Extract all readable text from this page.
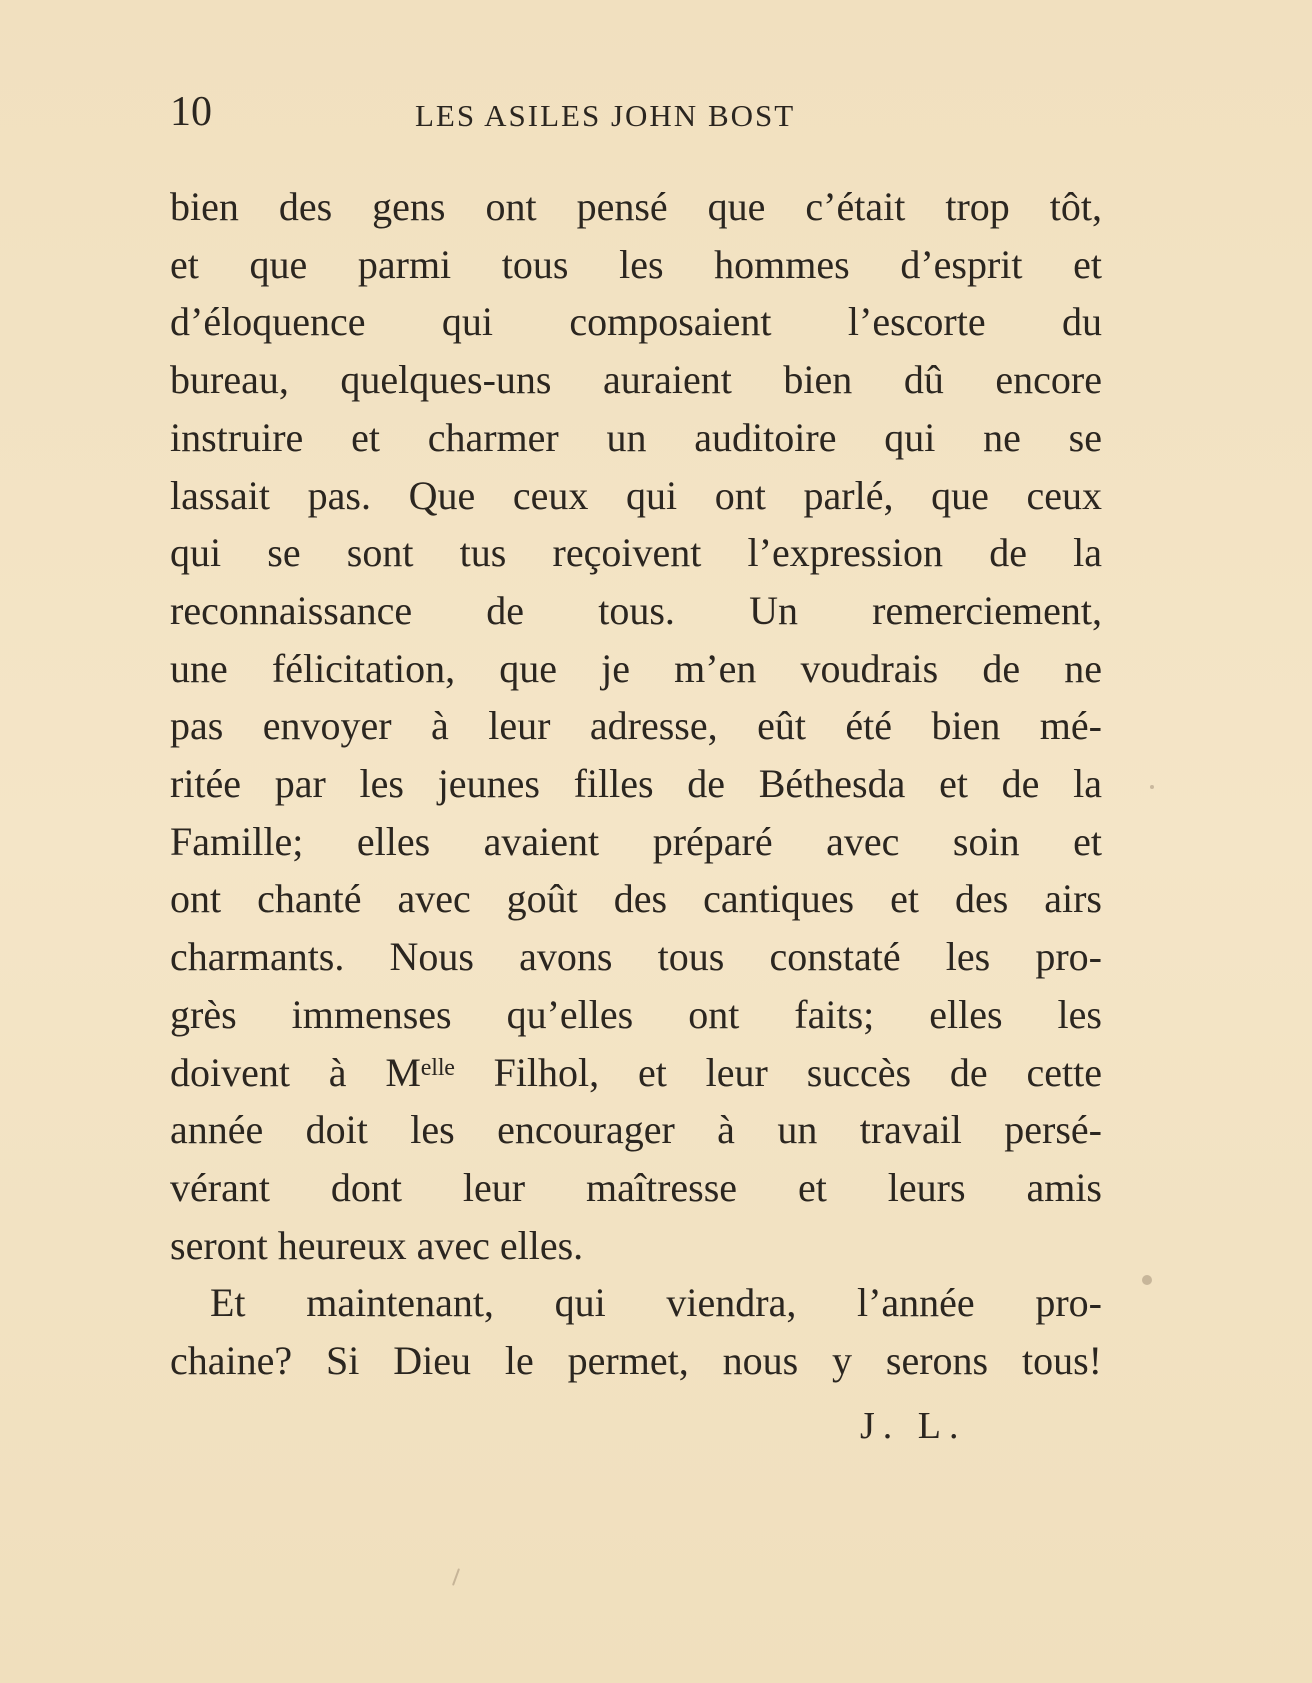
10	LES ASILES JOHN BOST
bien des gens ont pensé que c’était trop tôt,
et que parmi tous les hommes d’esprit et
d’éloquence qui composaient l’escorte du
bureau, quelques-uns auraient bien dû encore
instruire et charmer un auditoire qui ne se
lassait pas. Que ceux qui ont parlé, que ceux
qui se sont tus reçoivent l’expression de la
reconnaissance de tous. Un remerciement,
une félicitation, que je m’en voudrais de ne
pas envoyer à leur adresse, eût été bien mé-
ritée par les jeunes filles de Béthesda et de la
Famille; elles avaient préparé avec soin et
ont chanté avec goût des cantiques et des airs
charmants. Nous avons tous constaté les pro-
grès immenses qu’elles ont faits; elles les
doivent à Mᵉˡˡᵉ Filhol, et leur succès de cette
année doit les encourager à un travail persé-
vérant dont leur maîtresse et leurs amis
seront heureux avec elles.
Et maintenant, qui viendra, l’année pro-
chaine? Si Dieu le permet, nous y serons tous!
J. L.
